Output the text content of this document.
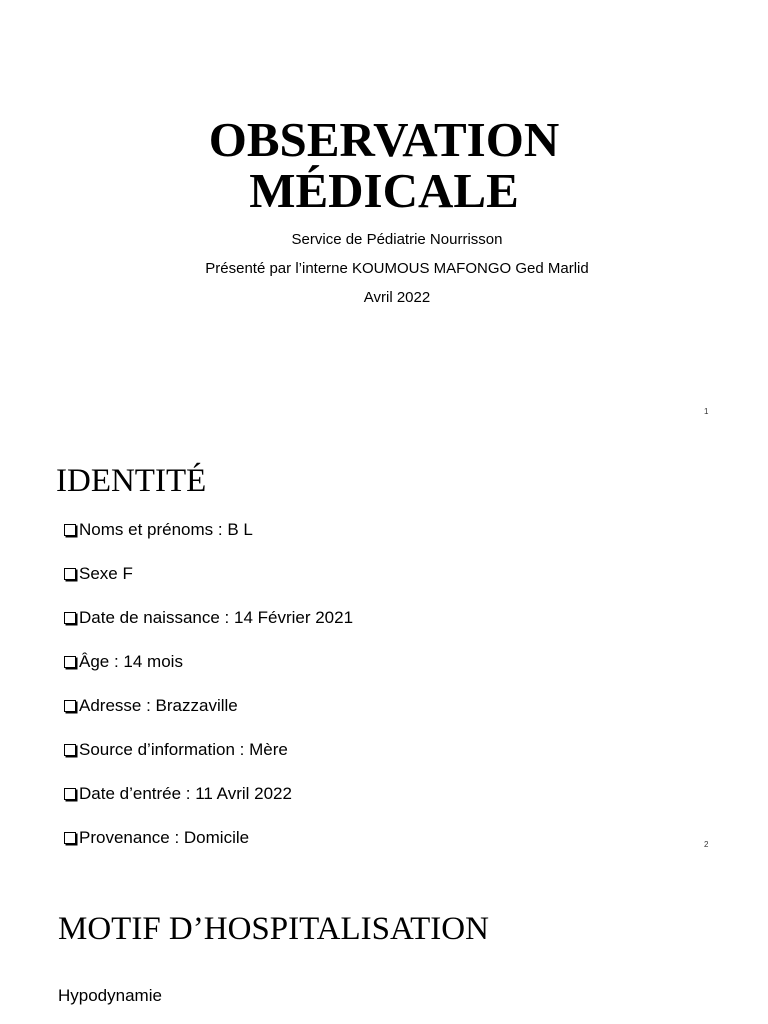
OBSERVATION
MÉDICALE
Service de Pédiatrie Nourrisson
Présenté par l’interne KOUMOUS MAFONGO Ged Marlid
Avril 2022
1
IDENTITÉ
Noms et prénoms : B L
Sexe F
Date de naissance : 14 Février 2021
Âge : 14 mois
Adresse : Brazzaville
Source d’information : Mère
Date d’entrée : 11 Avril 2022
Provenance : Domicile	2
MOTIF D’HOSPITALISATION
Hypodynamie
